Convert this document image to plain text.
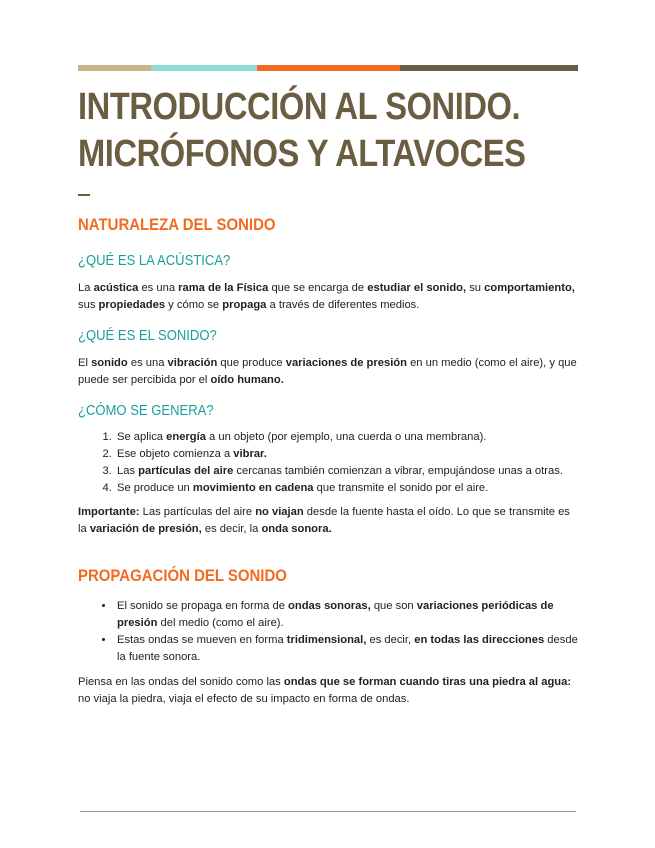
INTRODUCCIÓN AL SONIDO.
MICRÓFONOS Y ALTAVOCES
NATURALEZA DEL SONIDO
¿QUÉ ES LA ACÚSTICA?

La acústica es una rama de la Física que se encarga de estudiar el sonido, su comportamiento, sus propiedades y cómo se propaga a través de diferentes medios.

¿QUÉ ES EL SONIDO?

El sonido es una vibración que produce variaciones de presión en un medio (como el aire), y que puede ser percibida por el oído humano.

¿CÓMO SE GENERA?
1. Se aplica energía a un objeto (por ejemplo, una cuerda o una membrana).
2. Ese objeto comienza a vibrar.
3. Las partículas del aire cercanas también comienzan a vibrar, empujándose unas a otras.
4. Se produce un movimiento en cadena que transmite el sonido por el aire.

Importante: Las partículas del aire no viajan desde la fuente hasta el oído. Lo que se transmite es la variación de presión, es decir, la onda sonora.

PROPAGACIÓN DEL SONIDO
• El sonido se propaga en forma de ondas sonoras, que son variaciones periódicas de presión del medio (como el aire).
• Estas ondas se mueven en forma tridimensional, es decir, en todas las direcciones desde la fuente sonora.

Piensa en las ondas del sonido como las ondas que se forman cuando tiras una piedra al agua: no viaja la piedra, viaja el efecto de su impacto en forma de ondas.
